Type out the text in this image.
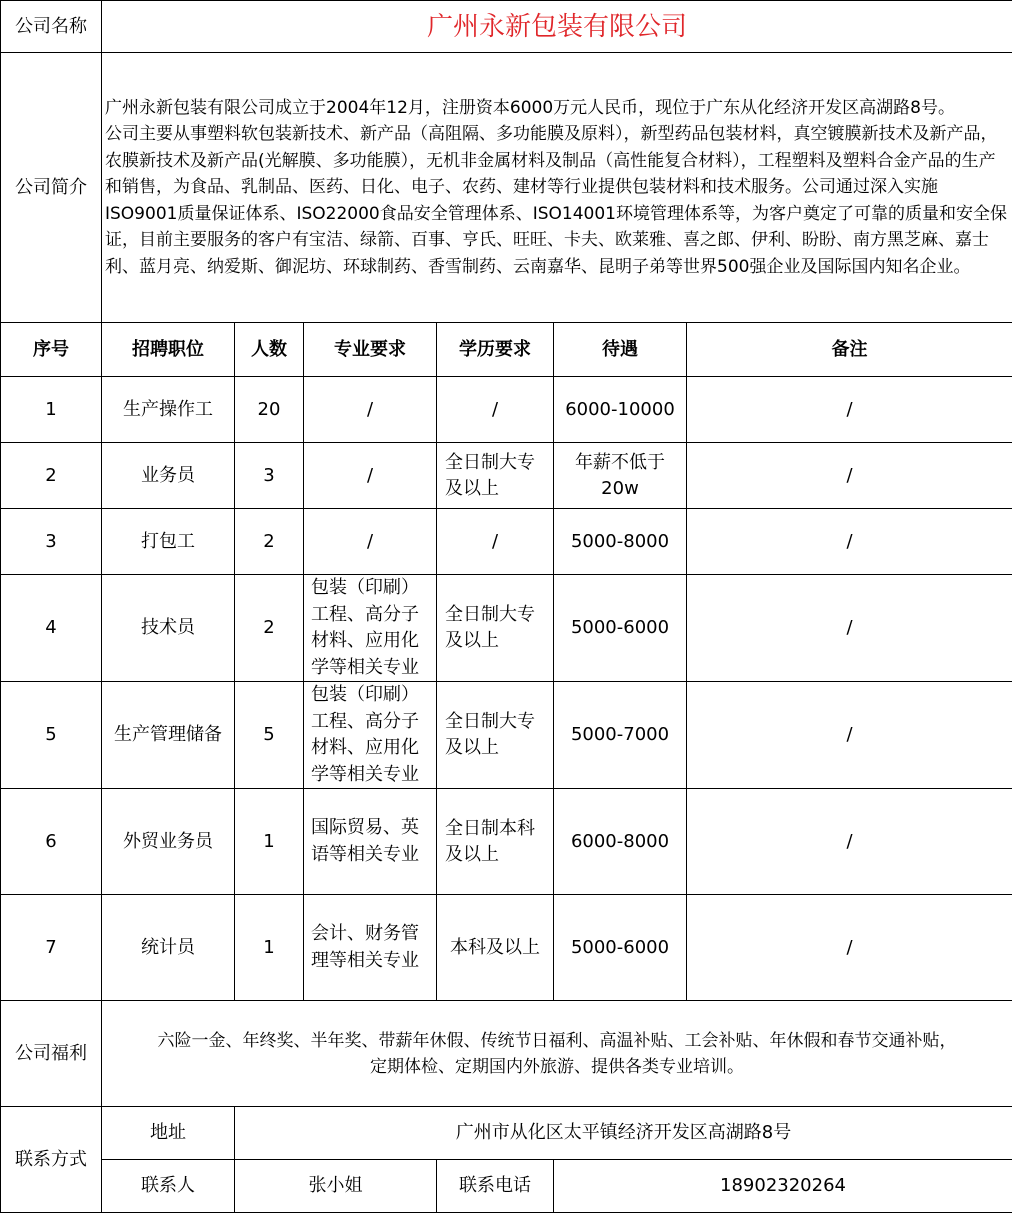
公司名称	广州永新包装有限公司					
公司简介	广州永新包装有限公司成立于2004年12月，注册资本6000万元人民币，现位于广东从化经济开发区高湖路8号。

公司主要从事塑料软包装新技术、新产品（高阻隔、多功能膜及原料），新型药品包装材料，真空镀膜新技术及新产品，农膜新技术及新产品(光解膜、多功能膜），无机非金属材料及制品（高性能复合材料），工程塑料及塑料合金产品的生产和销售，为食品、乳制品、医药、日化、电子、农药、建材等行业提供包装材料和技术服务。公司通过深入实施ISO9001质量保证体系、ISO22000食品安全管理体系、ISO14001环境管理体系等，为客户奠定了可靠的质量和安全保证，目前主要服务的客户有宝洁、绿箭、百事、亨氏、旺旺、卡夫、欧莱雅、喜之郎、伊利、盼盼、南方黑芝麻、嘉士利、蓝月亮、纳爱斯、御泥坊、环球制药、香雪制药、云南嘉华、昆明子弟等世界500强企业及国际国内知名企业。					

序号	招聘职位	人数	专业要求	学历要求	待遇	备注
1	生产操作工	20	/	/	6000-10000	/
2	业务员	3	/	全日制大专及以上	年薪不低于20w	/
3	打包工	2	/	/	5000-8000	/
4	技术员	2	包装（印刷）工程、高分子材料、应用化学等相关专业	全日制大专及以上	5000-6000	/
5	生产管理储备	5	包装（印刷）工程、高分子材料、应用化学等相关专业	全日制大专及以上	5000-7000	/
6	外贸业务员	1	国际贸易、英语等相关专业	全日制本科及以上	6000-8000	/
7	统计员	1	会计、财务管理等相关专业	本科及以上	5000-6000	/
公司福利	六险一金、年终奖、半年奖、带薪年休假、传统节日福利、高温补贴、工会补贴、年休假和春节交通补贴，
定期体检、定期国内外旅游、提供各类专业培训。					

联系方式	地址	广州市从化区太平镇经济开发区高湖路8号				
	联系人	张小姐		联系电话	18902320264	
